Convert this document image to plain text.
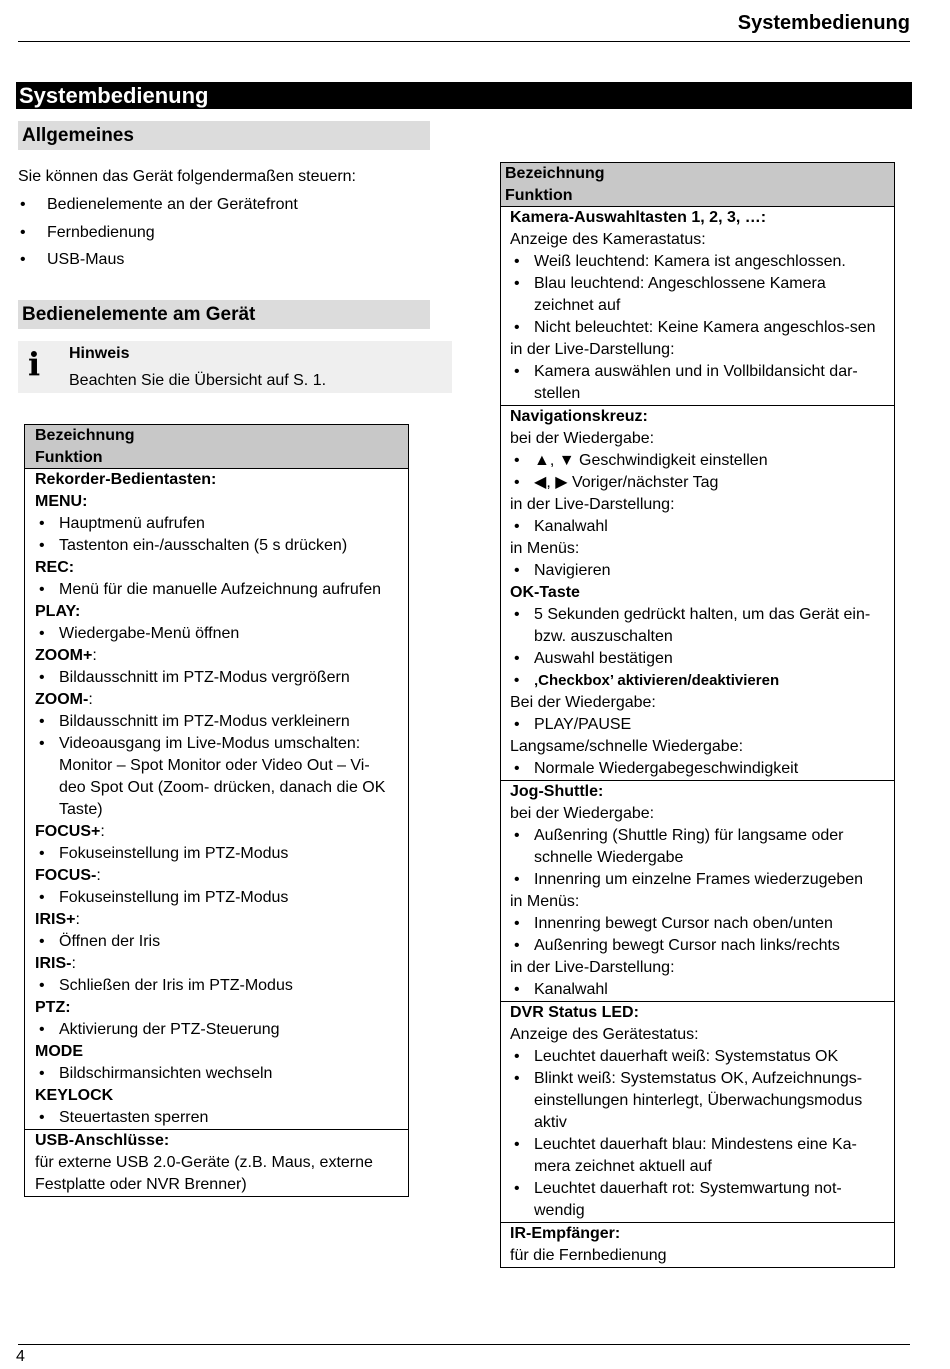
Systembedienung
Systembedienung
Allgemeines

Sie können das Gerät folgendermaßen steuern:

• Bedienelemente an der Gerätefront
• Fernbedienung
• USB-Maus
Bedienelemente am Gerät
i Hinweis
Beachten Sie die Übersicht auf S. 1.
Bezeichnung
Funktion
Rekorder-Bedientasten:
MENU:
• Hauptmenü aufrufen
• Tastenton ein-/ausschalten (5 s drücken)
REC:
• Menü für die manuelle Aufzeichnung aufrufen
PLAY:
• Wiedergabe-Menü öffnen
ZOOM+:
• Bildausschnitt im PTZ-Modus vergrößern
ZOOM-:
• Bildausschnitt im PTZ-Modus verkleinern
• Videoausgang im Live-Modus umschalten: Monitor – Spot Monitor oder Video Out – Vi-deo Spot Out (Zoom- drücken, danach die OK Taste)
FOCUS+:
• Fokuseinstellung im PTZ-Modus
FOCUS-:
• Fokuseinstellung im PTZ-Modus
IRIS+:
• Öffnen der Iris
IRIS-:
• Schließen der Iris im PTZ-Modus
PTZ:
• Aktivierung der PTZ-Steuerung
MODE
• Bildschirmansichten wechseln
KEYLOCK
• Steuertasten sperren
USB-Anschlüsse:
für externe USB 2.0-Geräte (z.B. Maus, externe Festplatte oder NVR Brenner)
Bezeichnung
Funktion
Kamera-Auswahltasten 1, 2, 3, …:
Anzeige des Kamerastatus:
• Weiß leuchtend: Kamera ist angeschlossen.
• Blau leuchtend: Angeschlossene Kamera zeichnet auf
• Nicht beleuchtet: Keine Kamera angeschlos-sen
in der Live-Darstellung:
• Kamera auswählen und in Vollbildansicht dar-stellen
Navigationskreuz:
bei der Wiedergabe:
• ▲, ▼ Geschwindigkeit einstellen
• ◀, ▶ Voriger/nächster Tag
in der Live-Darstellung:
• Kanalwahl
in Menüs:
• Navigieren
OK-Taste
• 5 Sekunden gedrückt halten, um das Gerät ein- bzw. auszuschalten
• Auswahl bestätigen
• ‚Checkbox’ aktivieren/deaktivieren
Bei der Wiedergabe:
• PLAY/PAUSE
Langsame/schnelle Wiedergabe:
• Normale Wiedergabegeschwindigkeit
Jog-Shuttle:
bei der Wiedergabe:
• Außenring (Shuttle Ring) für langsame oder schnelle Wiedergabe
• Innenring um einzelne Frames wiederzugeben
in Menüs:
• Innenring bewegt Cursor nach oben/unten
• Außenring bewegt Cursor nach links/rechts
in der Live-Darstellung:
• Kanalwahl
DVR Status LED:
Anzeige des Gerätestatus:
• Leuchtet dauerhaft weiß: Systemstatus OK
• Blinkt weiß: Systemstatus OK, Aufzeichnungs-einstellungen hinterlegt, Überwachungsmodus aktiv
• Leuchtet dauerhaft blau: Mindestens eine Ka-mera zeichnet aktuell auf
• Leuchtet dauerhaft rot: Systemwartung not-wendig
IR-Empfänger:
für die Fernbedienung
4
